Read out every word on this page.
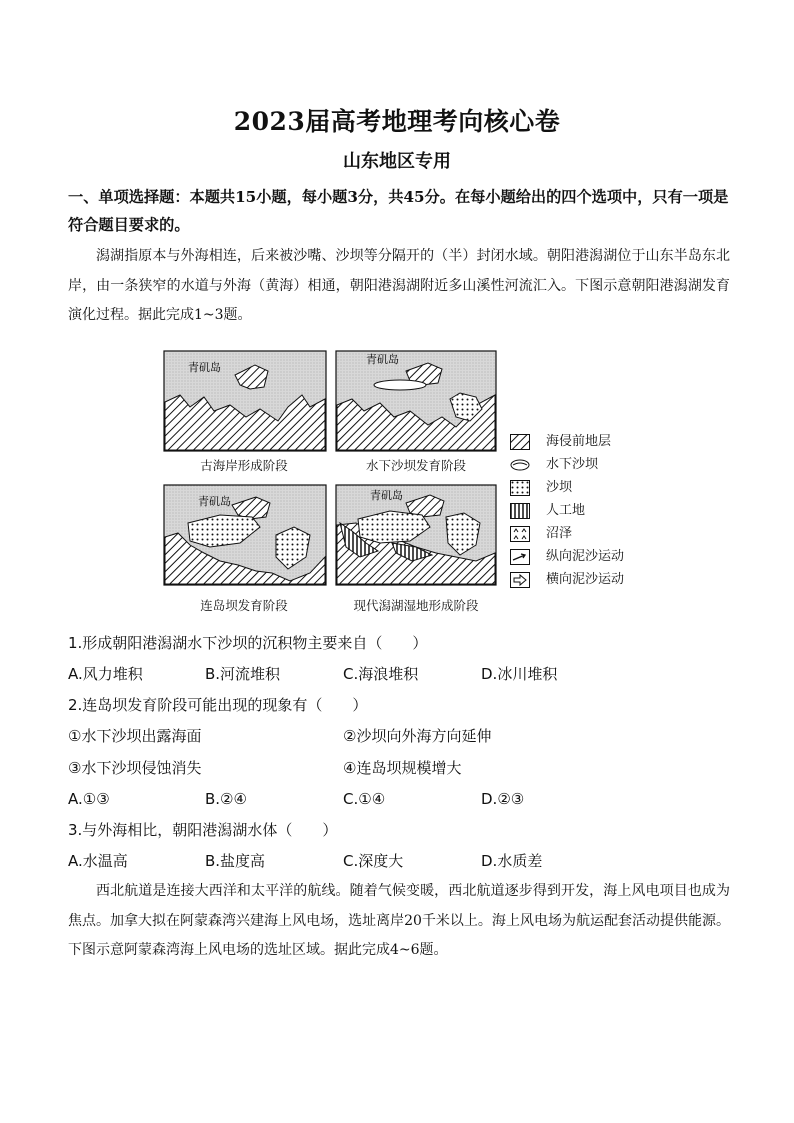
2023届高考地理考向核心卷
山东地区专用
一、单项选择题：本题共15小题，每小题3分，共45分。在每小题给出的四个选项中，只有一项是符合题目要求的。
潟湖指原本与外海相连，后来被沙嘴、沙坝等分隔开的（半）封闭水域。朝阳港潟湖位于山东半岛东北岸，由一条狭窄的水道与外海（黄海）相通，朝阳港潟湖附近多山溪性河流汇入。下图示意朝阳港潟湖发育演化过程。据此完成1~3题。
青矶岛
青矶岛
青矶岛	青矶岛
古海岸形成阶段	水下沙坝发育阶段
连岛坝发育阶段	现代潟湖湿地形成阶段
海侵前地层
水下沙坝
沙坝
人工地
沼泽
纵向泥沙运动
横向泥沙运动
1.形成朝阳港潟湖水下沙坝的沉积物主要来自（　　）
A.风力堆积	B.河流堆积	C.海浪堆积	D.冰川堆积
2.连岛坝发育阶段可能出现的现象有（　　）
①水下沙坝出露海面	②沙坝向外海方向延伸
③水下沙坝侵蚀消失	④连岛坝规模增大
A.①③	B.②④	C.①④	D.②③
3.与外海相比，朝阳港潟湖水体（　　）
A.水温高	B.盐度高	C.深度大	D.水质差
西北航道是连接大西洋和太平洋的航线。随着气候变暖，西北航道逐步得到开发，海上风电项目也成为焦点。加拿大拟在阿蒙森湾兴建海上风电场，选址离岸20千米以上。海上风电场为航运配套活动提供能源。下图示意阿蒙森湾海上风电场的选址区域。据此完成4~6题。
